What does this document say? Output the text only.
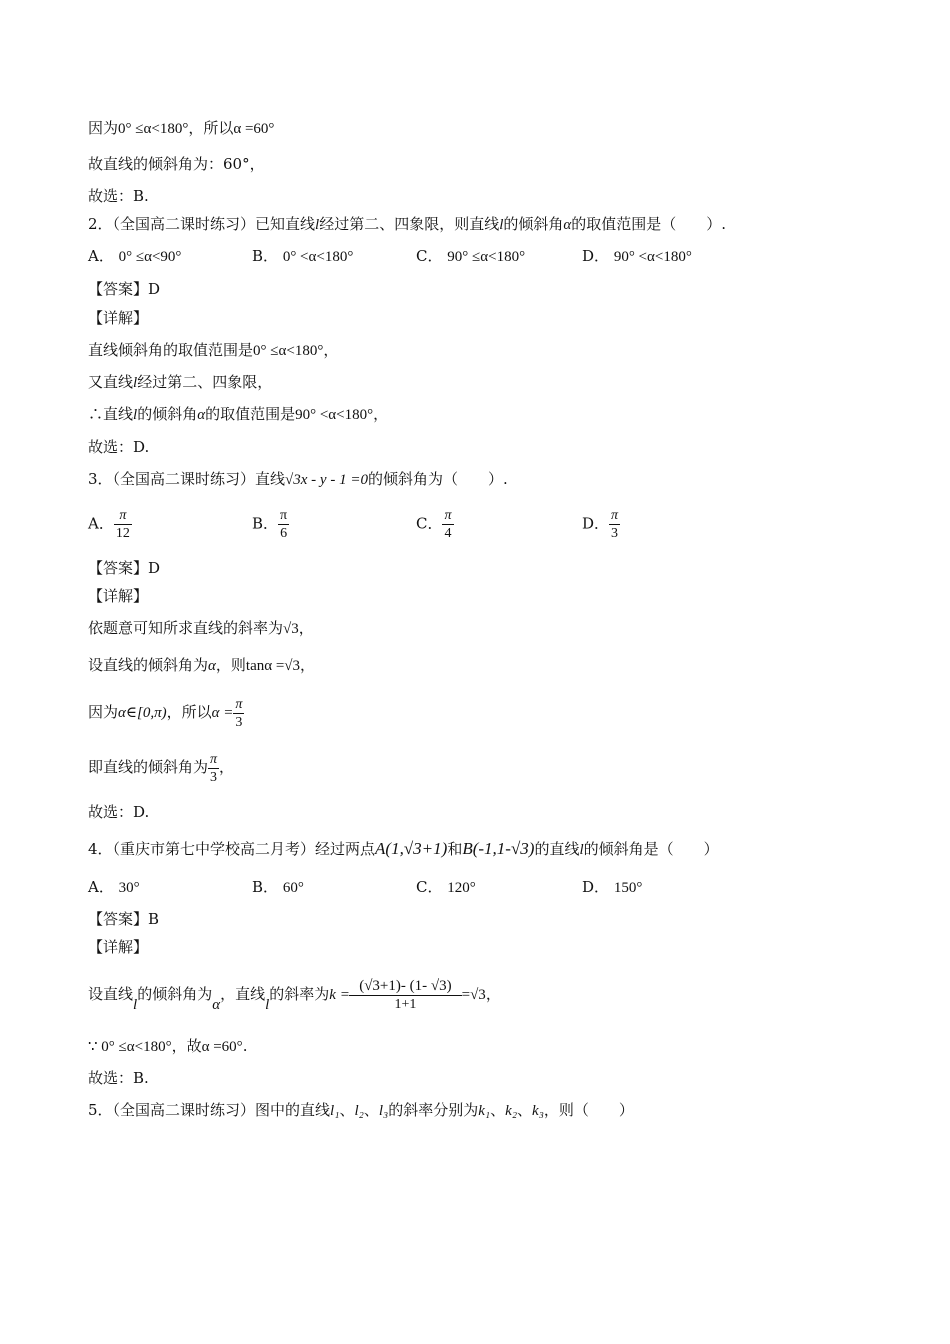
因为0° ≤α<180°，所以α =60°
故直线的倾斜角为：60°，
故选：B.
2．（全国高二课时练习）已知直线l经过第二、四象限，则直线l的倾斜角α的取值范围是（　　）.
A． 0° ≤α<90°	B． 0° <α<180°	C． 90° ≤α<180°	D． 90° <α<180°
【答案】D
【详解】
直线倾斜角的取值范围是0° ≤α<180°，
又直线l经过第二、四象限，
∴直线l的倾斜角α的取值范围是90° <α<180°，
故选：D.
3．（全国高二课时练习）直线√3x - y - 1 =0的倾斜角为（　　）.
A． $\frac{\pi}{12}$	B． $\frac{\pi}{6}$	C． $\frac{\pi}{4}$	D． $\frac{\pi}{3}$
【答案】D
【详解】
依题意可知所求直线的斜率为√3，
设直线的倾斜角为α，则tanα =√3，
因为α∈[0,π)，所以$\alpha = \frac{\pi}{3}$
即直线的倾斜角为 $\frac{\pi}{3}$ ，
故选：D.
4．（重庆市第七中学校高二月考）经过两点A(1,√3+1)和B(-1,1-√3)的直线l的倾斜角是（　　）
A． 30°	B． 60°	C． 120°	D． 150°
【答案】B
【详解】
设直线l的倾斜角为α，直线l的斜率为$k = \frac{(√3+1)- (1- √3)}{1+1} =√3$，
∵ 0° ≤α<180°，故α =60°.
故选：B.
5．（全国高二课时练习）图中的直线l₁、l₂、l₃的斜率分别为k₁、k₂、k₃，则（　　）
